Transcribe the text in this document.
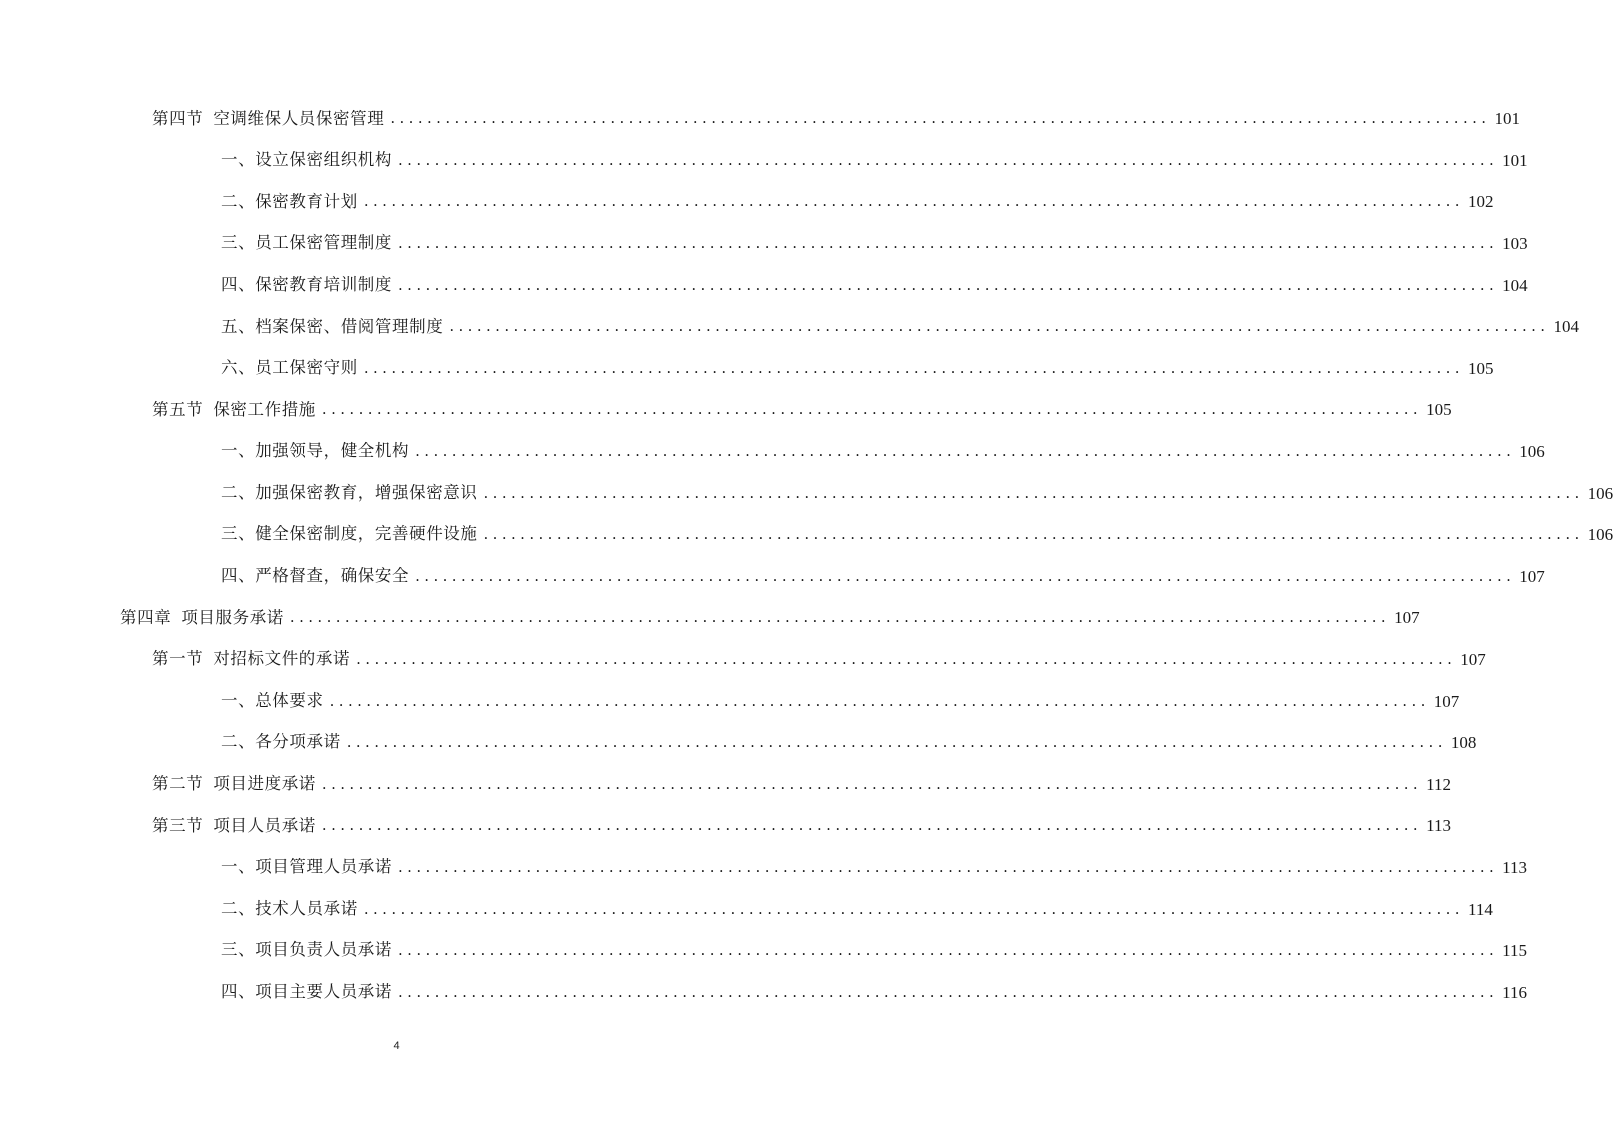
第四节 空调维保人员保密管理 ........................................................................................................................ 101
一、设立保密组织机构 ........................................................................................................................ 101
二、保密教育计划 ........................................................................................................................ 102
三、员工保密管理制度 ........................................................................................................................ 103
四、保密教育培训制度 ........................................................................................................................ 104
五、档案保密、借阅管理制度 ........................................................................................................................ 104
六、员工保密守则 ........................................................................................................................ 105
第五节 保密工作措施 ........................................................................................................................ 105
一、加强领导，健全机构 ........................................................................................................................ 106
二、加强保密教育，增强保密意识 ........................................................................................................................ 106
三、健全保密制度，完善硬件设施 ........................................................................................................................ 106
四、严格督查，确保安全 ........................................................................................................................ 107
第四章 项目服务承诺 ........................................................................................................................ 107
第一节 对招标文件的承诺 ........................................................................................................................ 107
一、总体要求 ........................................................................................................................ 107
二、各分项承诺 ........................................................................................................................ 108
第二节 项目进度承诺 ........................................................................................................................ 112
第三节 项目人员承诺 ........................................................................................................................ 113
一、项目管理人员承诺 ........................................................................................................................ 113
二、技术人员承诺 ........................................................................................................................ 114
三、项目负责人员承诺 ........................................................................................................................ 115
四、项目主要人员承诺 ........................................................................................................................ 116
4
